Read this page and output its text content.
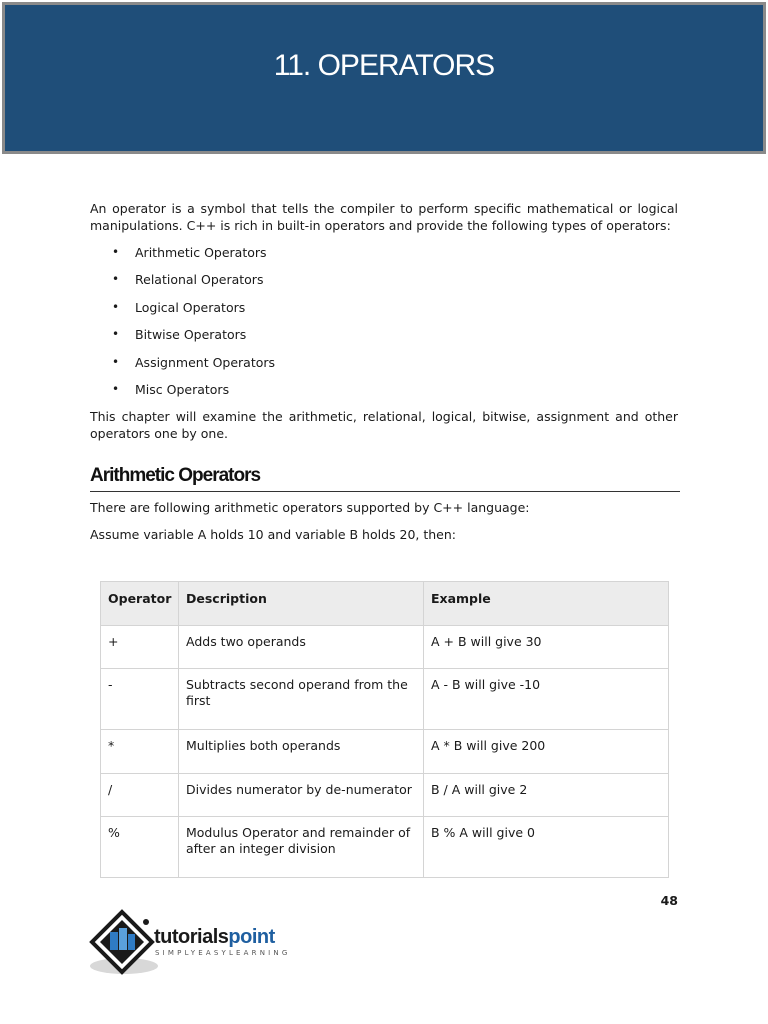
11. OPERATORS

An operator is a symbol that tells the compiler to perform specific mathematical or logical manipulations. C++ is rich in built-in operators and provide the following types of operators:

• Arithmetic Operators
• Relational Operators
• Logical Operators
• Bitwise Operators
• Assignment Operators
• Misc Operators

This chapter will examine the arithmetic, relational, logical, bitwise, assignment and other operators one by one.

Arithmetic Operators

There are following arithmetic operators supported by C++ language:

Assume variable A holds 10 and variable B holds 20, then:

Operator	Description	Example
+	Adds two operands	A + B will give 30
-	Subtracts second operand from the first	A - B will give -10
*	Multiplies both operands	A * B will give 200
/	Divides numerator by de-numerator	B / A will give 2
%	Modulus Operator and remainder of after an integer division	B % A will give 0
48
tutorialspoint
SIMPLYEASYLEARNING
